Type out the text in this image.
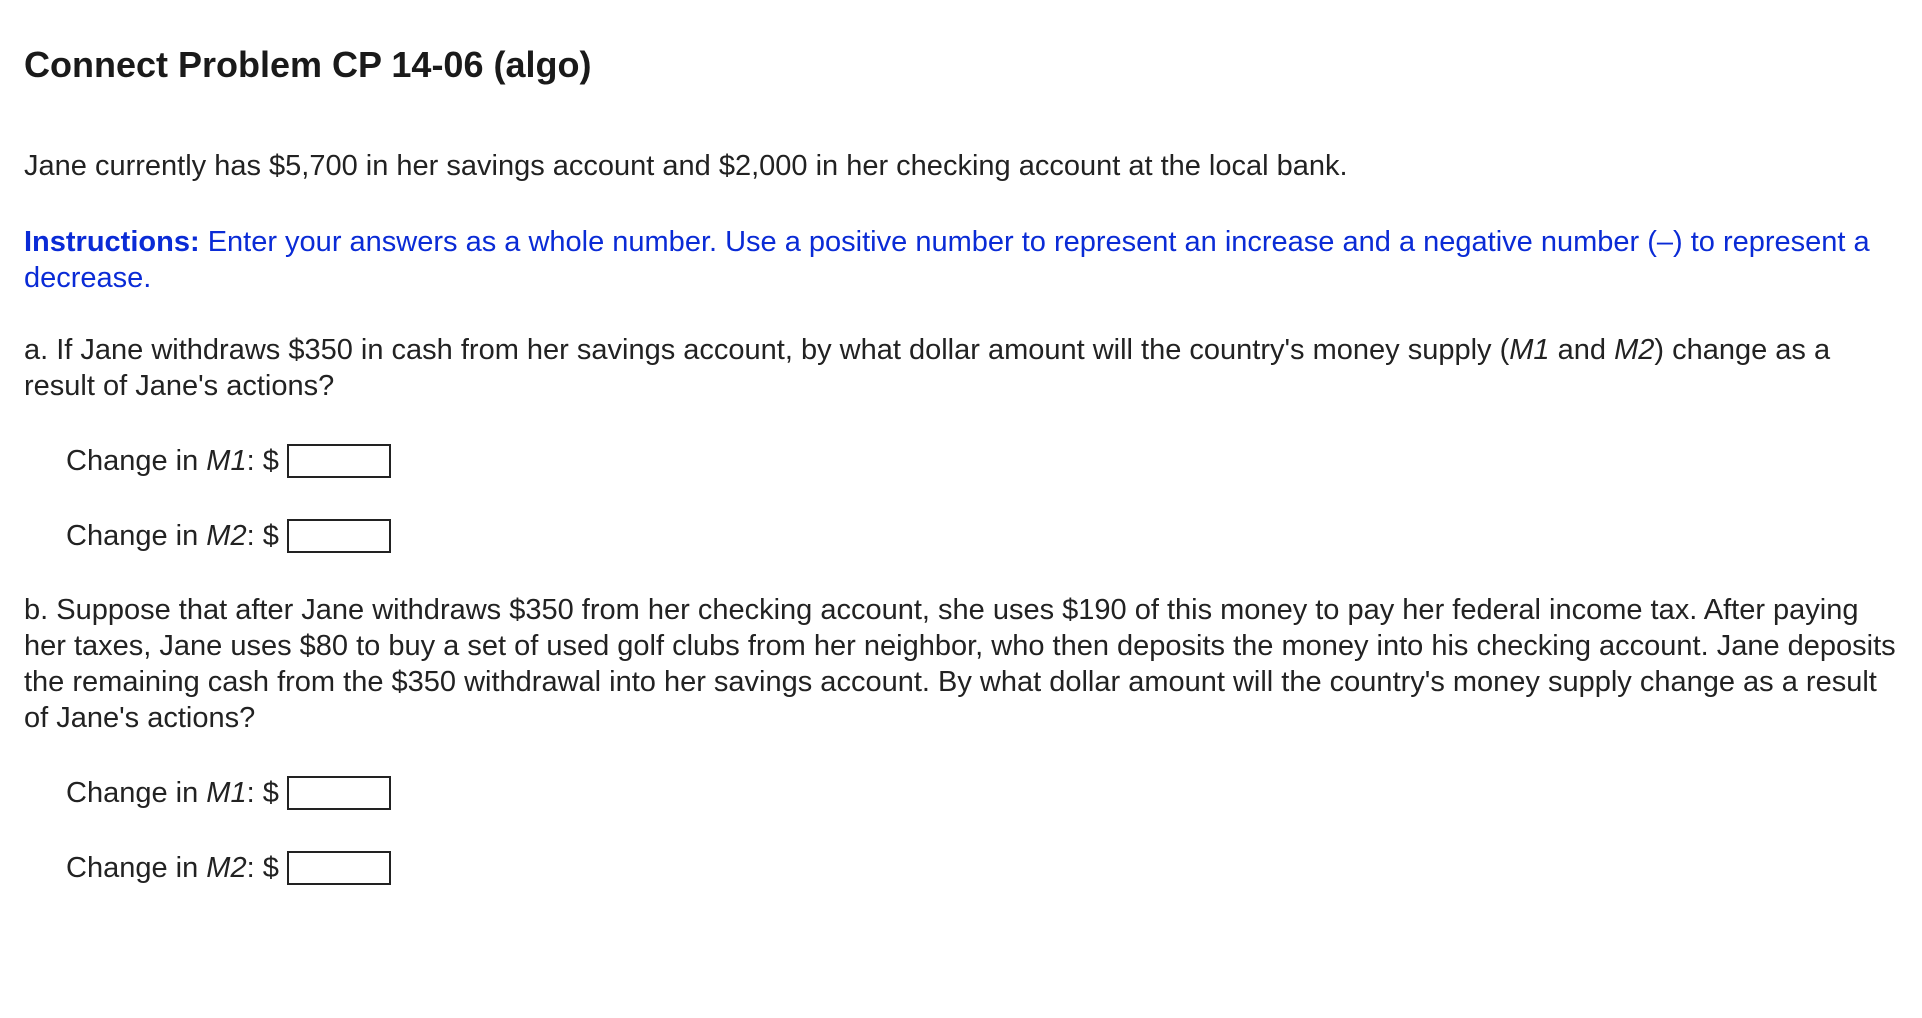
Connect Problem CP 14-06 (algo)

Jane currently has $5,700 in her savings account and $2,000 in her checking account at the local bank.

Instructions: Enter your answers as a whole number. Use a positive number to represent an increase and a negative number (–) to represent a decrease.

a. If Jane withdraws $350 in cash from her savings account, by what dollar amount will the country's money supply (M1 and M2) change as a result of Jane's actions?

Change in
M1 : $
Change in
M2 : $

b. Suppose that after Jane withdraws $350 from her checking account, she uses $190 of this money to pay her federal income tax. After paying her taxes, Jane uses $80 to buy a set of used golf clubs from her neighbor, who then deposits the money into his checking account. Jane deposits the remaining cash from the $350 withdrawal into her savings account. By what dollar amount will the country's money supply change as a result of Jane's actions?

Change in
M1 : $
Change in
M2 : $
